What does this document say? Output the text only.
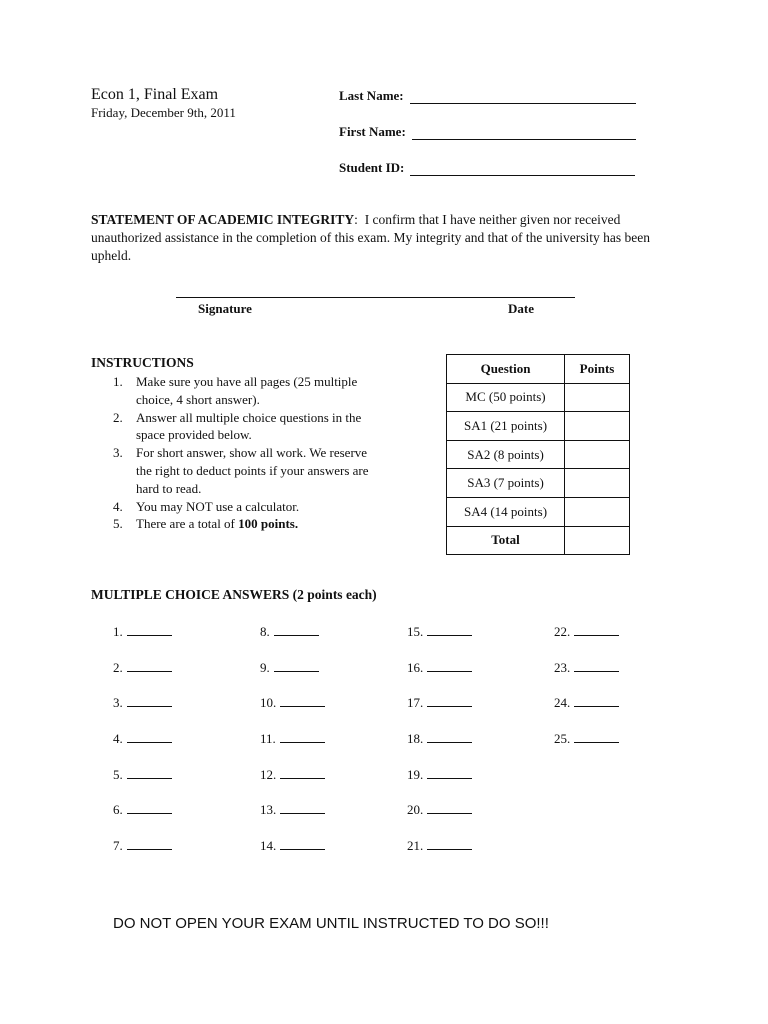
Econ 1, Final Exam
Friday, December 9th, 2011
Last Name:
First Name:
Student ID:
STATEMENT OF ACADEMIC INTEGRITY:  I confirm that I have neither given nor received unauthorized assistance in the completion of this exam. My integrity and that of the university has been upheld.
Signature	Date
INSTRUCTIONS
1. Make sure you have all pages (25 multiple choice, 4 short answer).
2. Answer all multiple choice questions in the space provided below.
3. For short answer, show all work. We reserve the right to deduct points if your answers are hard to read.
4. You may NOT use a calculator.
5. There are a total of 100 points.
Question	Points
MC (50 points)	
SA1 (21 points)	
SA2 (8 points)	
SA3 (7 points)	
SA4 (14 points)	
Total	
MULTIPLE CHOICE ANSWERS (2 points each)
1.
2.
3.
4.
5.
6.
7.
8.
9.
10.
11.
12.
13.
14.
15.
16.
17.
18.
19.
20.
21.
22.
23.
24.
25.
DO NOT OPEN YOUR EXAM UNTIL INSTRUCTED TO DO SO!!!
